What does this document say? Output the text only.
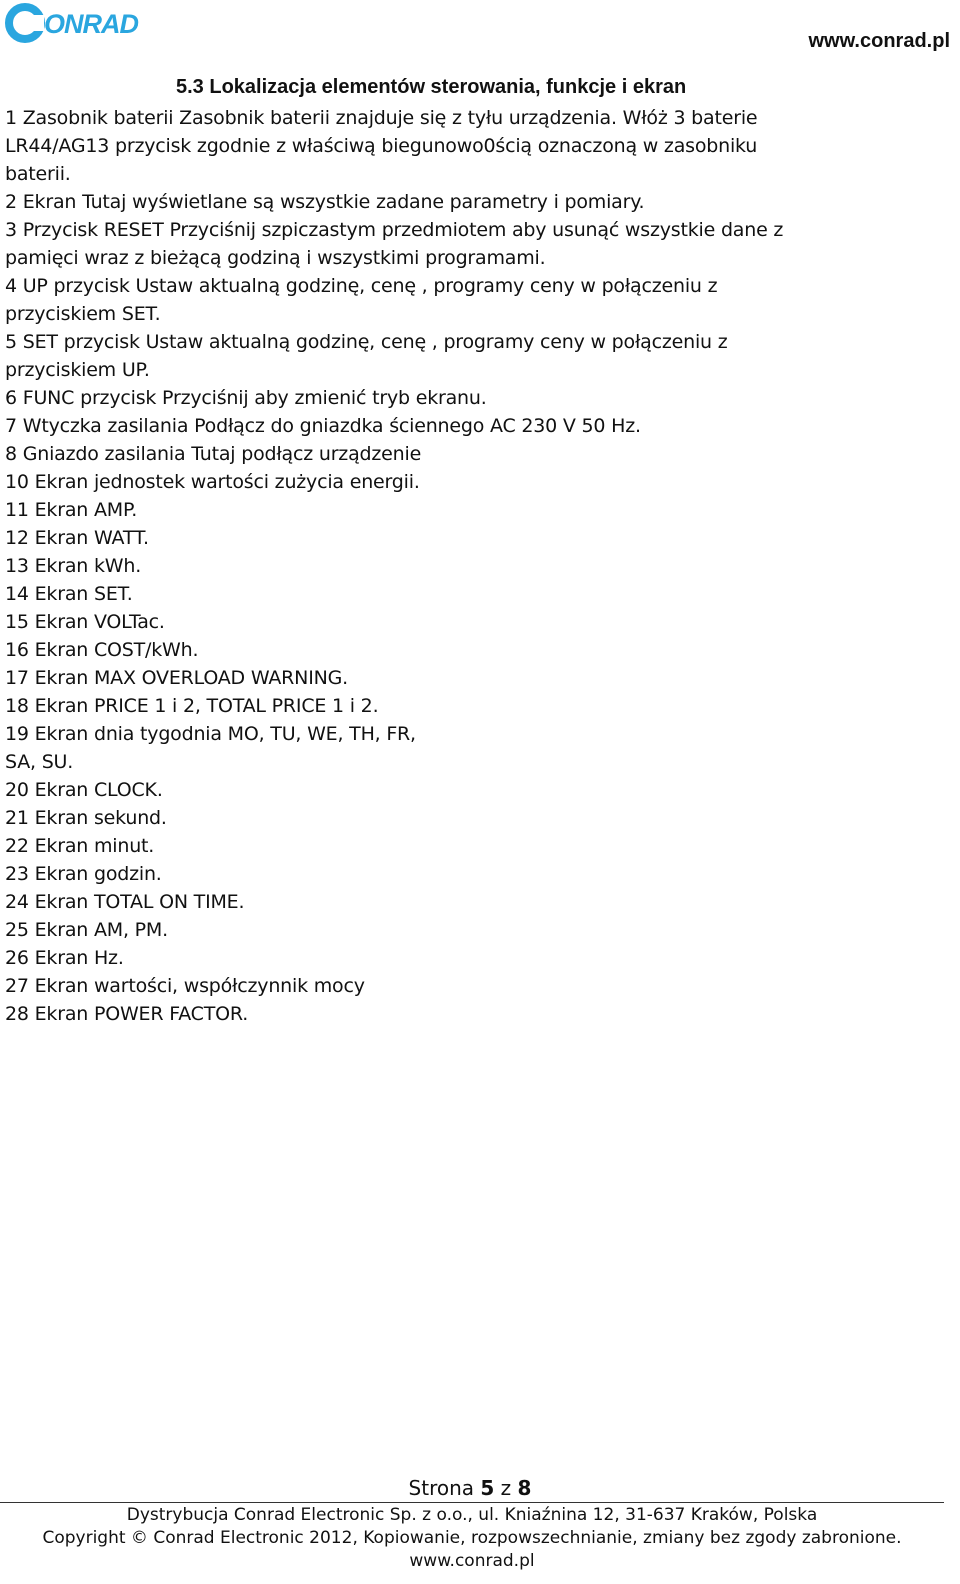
ONRAD
www.conrad.pl
5.3 Lokalizacja elementów sterowania, funkcje i ekran
1 Zasobnik baterii Zasobnik baterii znajduje się z tyłu urządzenia. Włóż 3 baterie
LR44/AG13 przycisk zgodnie z właściwą biegunowo0ścią oznaczoną w zasobniku
baterii.
2 Ekran Tutaj wyświetlane są wszystkie zadane parametry i pomiary.
3 Przycisk RESET Przyciśnij szpiczastym przedmiotem aby usunąć wszystkie dane z
pamięci wraz z bieżącą godziną i wszystkimi programami.
4 UP przycisk Ustaw aktualną godzinę, cenę , programy ceny w połączeniu z
przyciskiem SET.
5 SET przycisk Ustaw aktualną godzinę, cenę , programy ceny w połączeniu z
przyciskiem UP.
6 FUNC przycisk Przyciśnij aby zmienić tryb ekranu.
7 Wtyczka zasilania Podłącz do gniazdka ściennego AC 230 V 50 Hz.
8 Gniazdo zasilania Tutaj podłącz urządzenie
10 Ekran jednostek wartości zużycia energii.
11 Ekran AMP.
12 Ekran WATT.
13 Ekran kWh.
14 Ekran SET.
15 Ekran VOLTac.
16 Ekran COST/kWh.
17 Ekran MAX OVERLOAD WARNING.
18 Ekran PRICE 1 i 2, TOTAL PRICE 1 i 2.
19 Ekran dnia tygodnia MO, TU, WE, TH, FR,
SA, SU.
20 Ekran CLOCK.
21 Ekran sekund.
22 Ekran minut.
23 Ekran godzin.
24 Ekran TOTAL ON TIME.
25 Ekran AM, PM.
26 Ekran Hz.
27 Ekran wartości, współczynnik mocy
28 Ekran POWER FACTOR.
Strona 5 z 8
Dystrybucja Conrad Electronic Sp. z o.o., ul. Kniaźnina 12, 31-637 Kraków, Polska
Copyright © Conrad Electronic 2012, Kopiowanie, rozpowszechnianie, zmiany bez zgody zabronione.
www.conrad.pl
